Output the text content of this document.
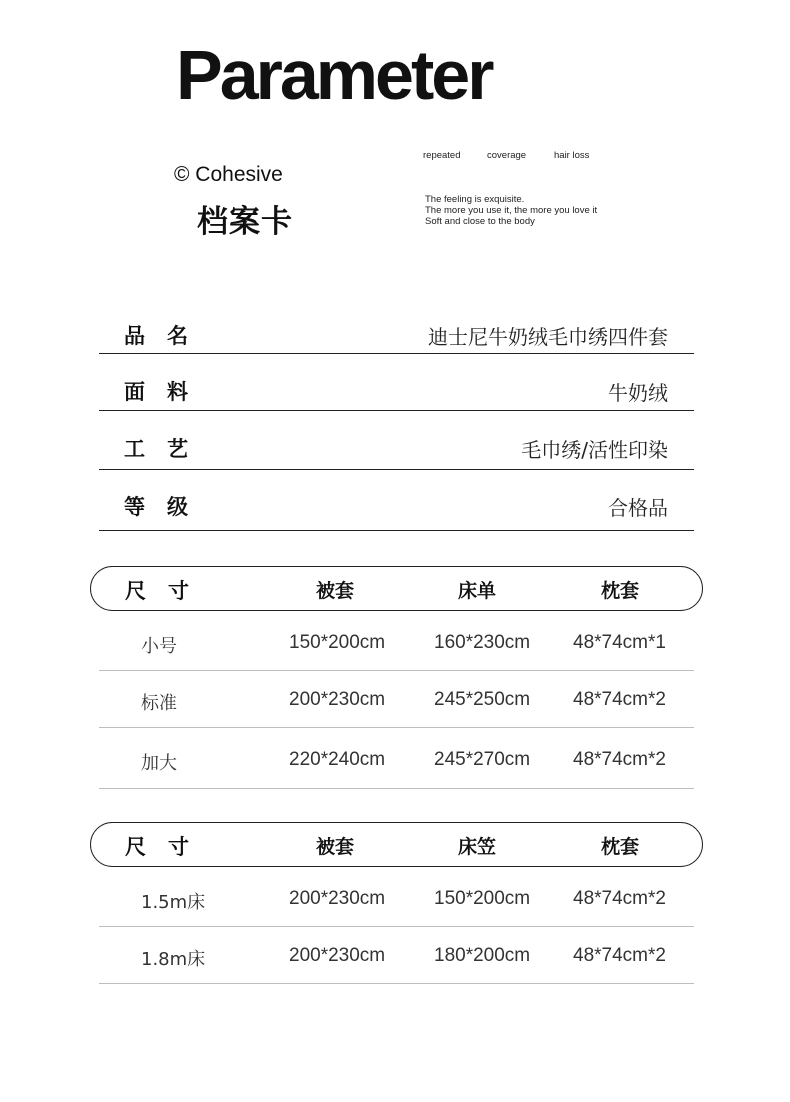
Parameter
© Cohesive
档案卡
repeated	coverage	hair loss
The feeling is exquisite.
The more you use it, the more you love it
Soft and close to the body
品名	迪士尼牛奶绒毛巾绣四件套
面料	牛奶绒
工艺	毛巾绣/活性印染
等级	合格品
尺寸	被套	床单	枕套
小号	150*200cm	160*230cm 48*74cm*1
标准	200*230cm	245*250cm 48*74cm*2
加大	220*240cm	245*270cm 48*74cm*2
尺寸	被套	床笠	枕套
1.5m床	200*230cm	150*200cm 48*74cm*2
1.8m床	200*230cm	180*200cm 48*74cm*2
